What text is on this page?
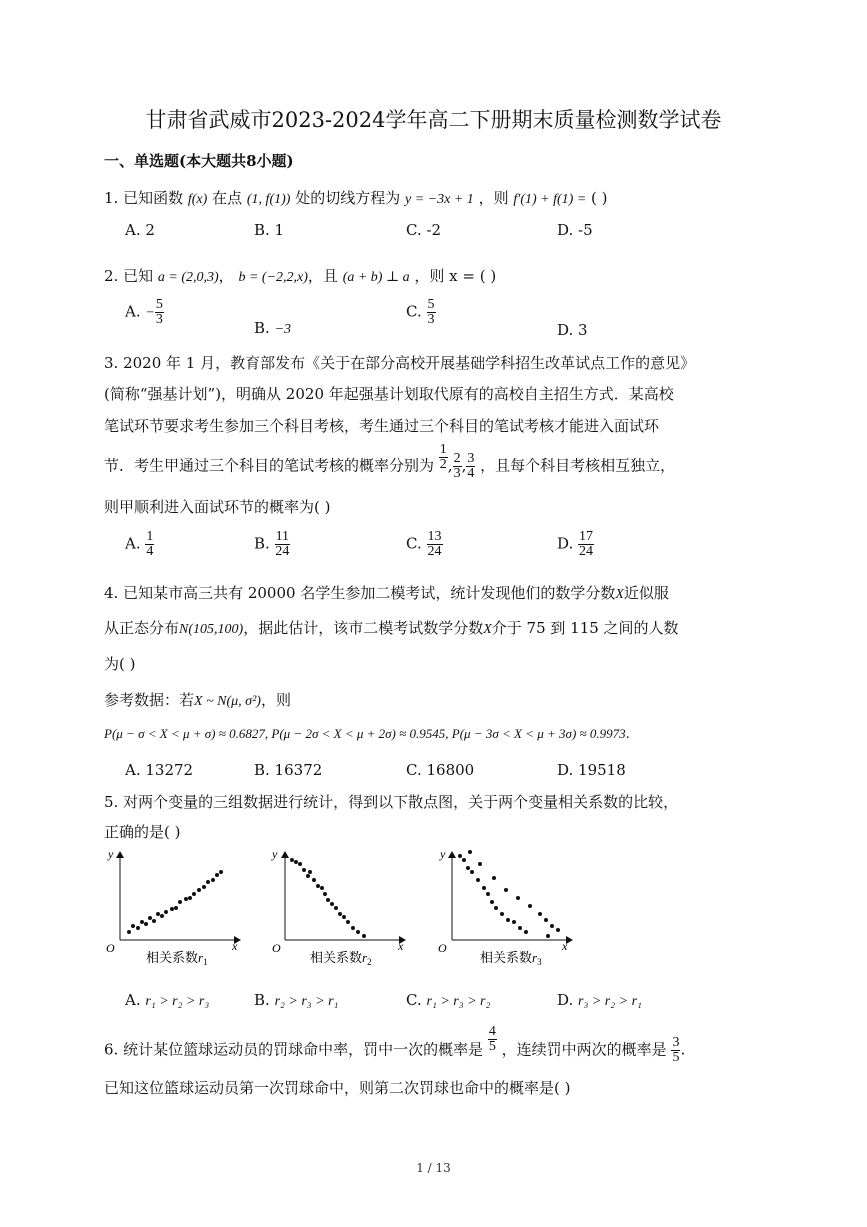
甘肃省武威市2023-2024学年高二下册期末质量检测数学试卷
一、单选题(本大题共8小题)
1. 已知函数 f(x) 在点 (1, f(1)) 处的切线方程为 y = −3x + 1 ，则 f′(1) + f(1) = ( )
A. 2	B. 1	C. -2	D. -5
2. 已知 a = (2,0,3)， b = (−2,2,x)，且 (a + b) ⊥ a ，则 x = ( )
A. − $\frac{5}{3}$
B. −3
C. $\frac{5}{3}$
D. 3
3. 2020 年 1 月，教育部发布《关于在部分高校开展基础学科招生改革试点工作的意见》
(简称“强基计划”)，明确从 2020 年起强基计划取代原有的高校自主招生方式．某高校
笔试环节要求考生参加三个科目考核，考生通过三个科目的笔试考核才能进入面试环
节．考生甲通过三个科目的笔试考核的概率分别为 $\frac{1}{2}$ , $\frac{2}{3}$ , $\frac{3}{4}$ ，且每个科目考核相互独立，
则甲顺利进入面试环节的概率为( )
A. $\frac{1}{4}$	B. $\frac{11}{24}$	C. $\frac{13}{24}$	D. $\frac{17}{24}$
4. 已知某市高三共有 20000 名学生参加二模考试，统计发现他们的数学分数X近似服
从正态分布N(105,100)，据此估计，该市二模考试数学分数X介于 75 到 115 之间的人数
为( )
参考数据：若X ~ N(μ, σ²)，则
P(μ − σ < X < μ + σ) ≈ 0.6827, P(μ − 2σ < X < μ + 2σ) ≈ 0.9545, P(μ − 3σ < X < μ + 3σ) ≈ 0.9973.
A. 13272	B. 16372	C. 16800	D. 19518
5. 对两个变量的三组数据进行统计，得到以下散点图，关于两个变量相关系数的比较，
正确的是( )
y
x
O
y
x
O
y
x
O
相关系数$r_1$	相关系数$r_2$	相关系数$r_3$
A. r₁ > r₂ > r₃	B. r₂ > r₃ > r₁	C. r₁ > r₃ > r₂	D. r₃ > r₂ > r₁
6. 统计某位篮球运动员的罚球命中率，罚中一次的概率是 $\frac{4}{5}$ ，连续罚中两次的概率是 $\frac{3}{5}$ .
已知这位篮球运动员第一次罚球命中，则第二次罚球也命中的概率是( )
1 / 13
